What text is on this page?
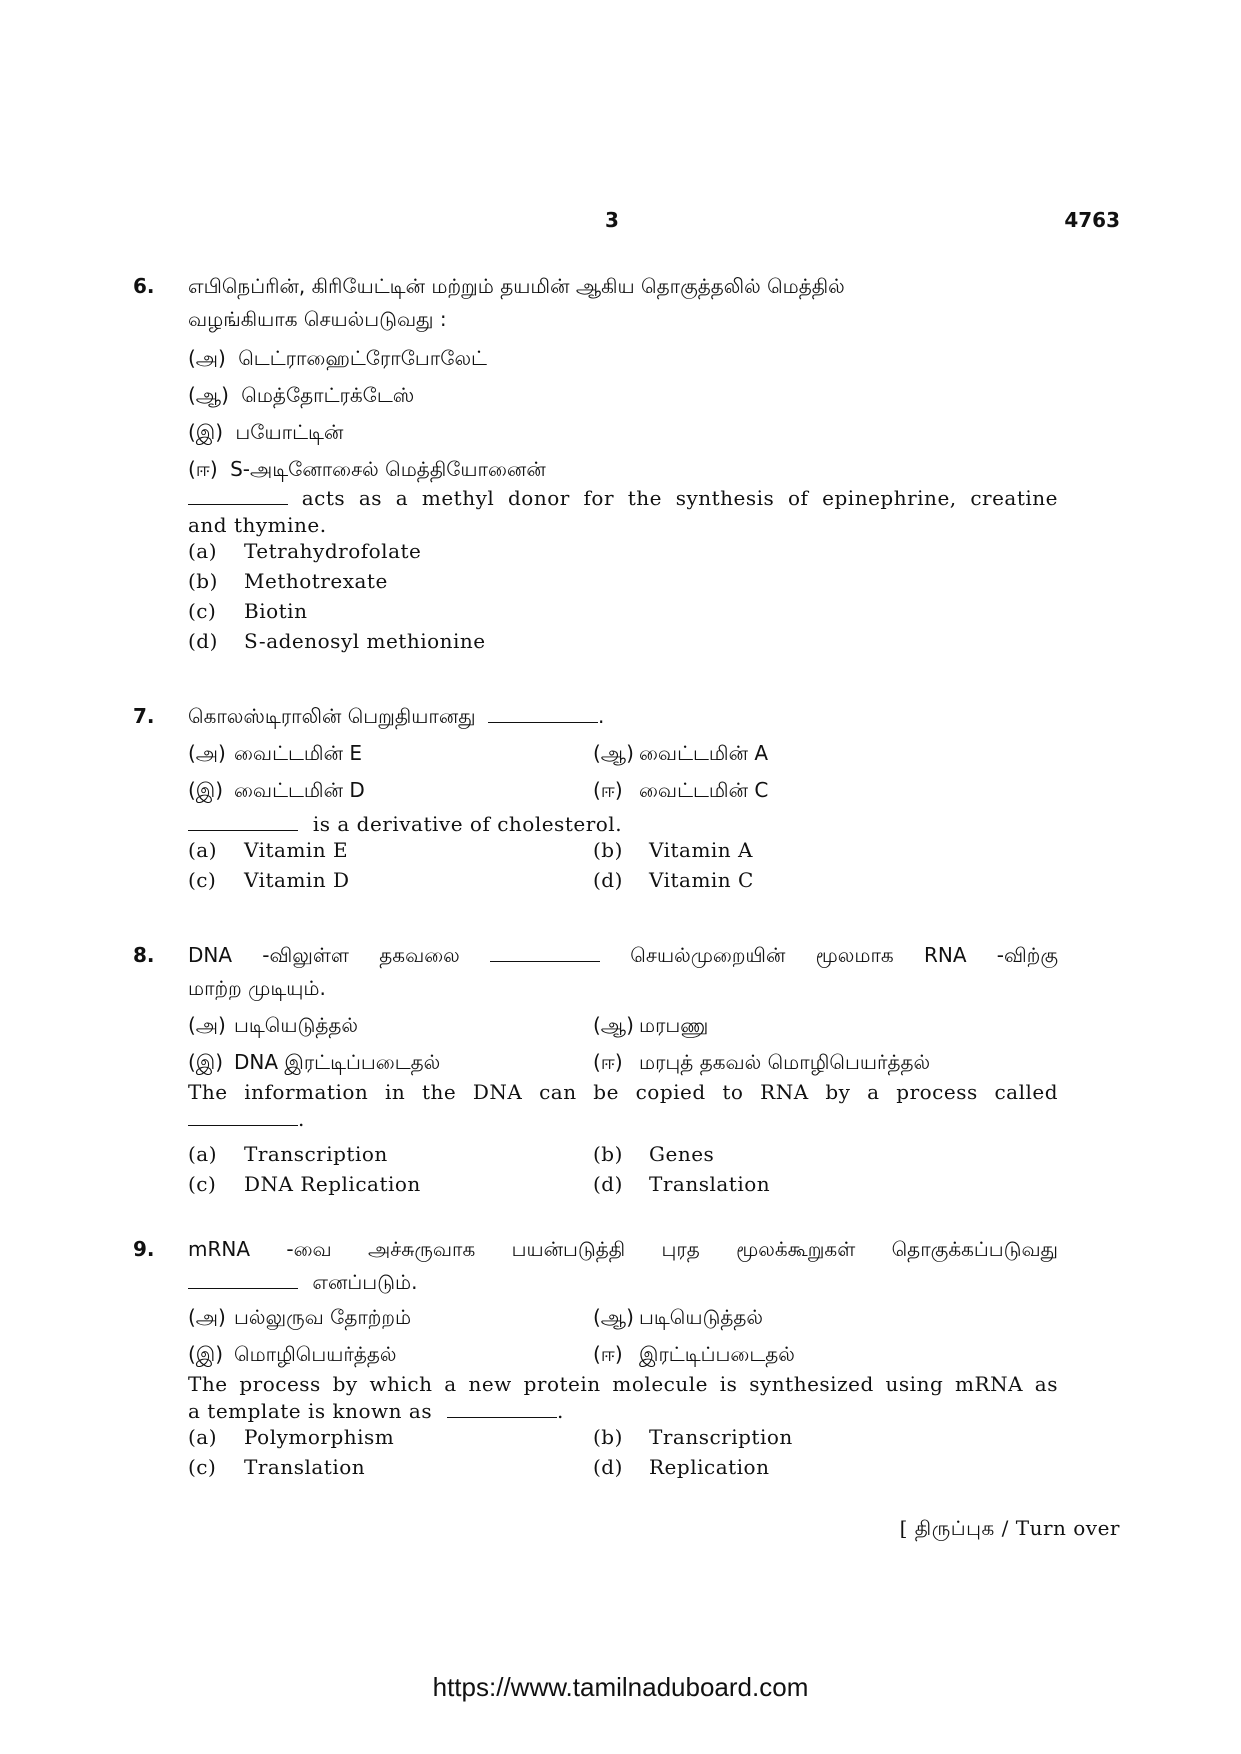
3	4763
6. எபிநெப்ரின், கிரியேட்டின் மற்றும் தயமின் ஆகிய தொகுத்தலில் மெத்தில்
வழங்கியாக செயல்படுவது :
(அ) டெட்ராஹைட்ரோபோலேட்
(ஆ) மெத்தோட்ரக்டேஸ்
(இ) பயோட்டின்
(ஈ) S-அடினோசைல் மெத்தியோனைன்
acts as a methyl donor for the synthesis of epinephrine, creatine
and thymine.
(a) Tetrahydrofolate
(b) Methotrexate
(c) Biotin
(d) S-adenosyl methionine
7. கொலஸ்டிராலின் பெறுதியானது	.
(அ) வைட்டமின் E	(ஆ) வைட்டமின் A
(இ) வைட்டமின் D	(ஈ) வைட்டமின் C
is a derivative of cholesterol.
(a) Vitamin E	(b) Vitamin A
(c) Vitamin D	(d) Vitamin C
8. DNA -விலுள்ள தகவலை	செயல்முறையின் மூலமாக RNA -விற்கு
மாற்ற முடியும்.
(அ) படியெடுத்தல்	(ஆ) மரபணு
(இ) DNA இரட்டிப்படைதல்	(ஈ) மரபுத் தகவல் மொழிபெயர்த்தல்
The information in the DNA can be copied to RNA by a process called
.
(a) Transcription	(b) Genes
(c) DNA Replication	(d) Translation
9. mRNA -வை அச்சுருவாக பயன்படுத்தி புரத மூலக்கூறுகள் தொகுக்கப்படுவது
எனப்படும்.
(அ) பல்லுருவ தோற்றம்	(ஆ) படியெடுத்தல்
(இ) மொழிபெயர்த்தல்	(ஈ) இரட்டிப்படைதல்
The process by which a new protein molecule is synthesized using mRNA as
a template is known as	.
(a) Polymorphism	(b) Transcription
(c) Translation	(d) Replication
[ திருப்புக / Turn over
https://www.tamilnaduboard.com
